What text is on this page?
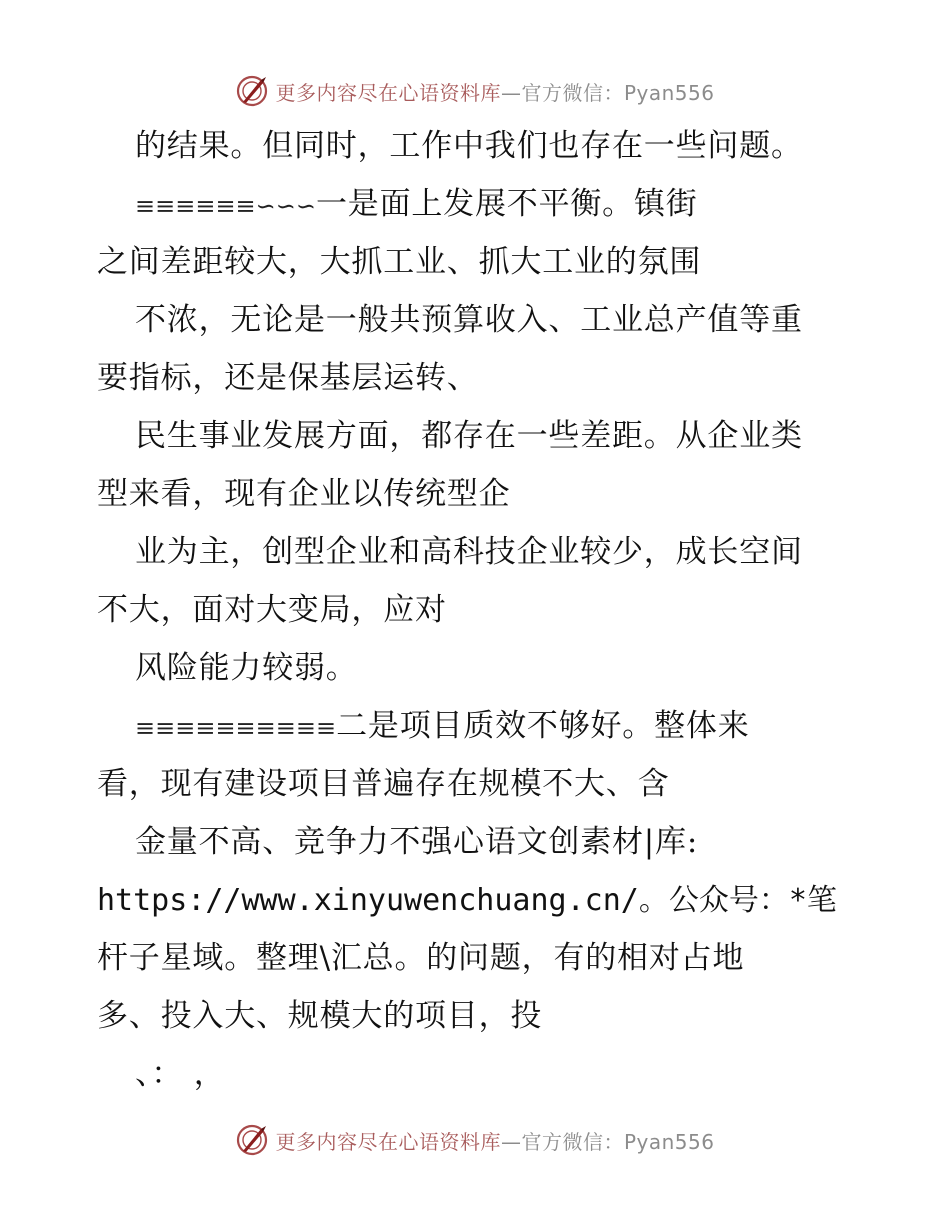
更多内容尽在心语资料库—官方微信：Pyan556
的结果。但同时，工作中我们也存在一些问题。
≡≡≡≡≡≡∽∽∽一是面上发展不平衡。镇街
之间差距较大，大抓工业、抓大工业的氛围
不浓，无论是一般共预算收入、工业总产值等重
要指标，还是保基层运转、
民生事业发展方面，都存在一些差距。从企业类
型来看，现有企业以传统型企
业为主，创型企业和高科技企业较少，成长空间
不大，面对大变局，应对
风险能力较弱。
≡≡≡≡≡≡≡≡≡≡二是项目质效不够好。整体来
看，现有建设项目普遍存在规模不大、含
金量不高、竞争力不强心语文创素材|库:
https://www.xinyuwenchuang.cn/。公众号：*笔
杆子星域。整理\汇总。的问题，有的相对占地
多、投入大、规模大的项目，投
、： ，
更多内容尽在心语资料库—官方微信：Pyan556
